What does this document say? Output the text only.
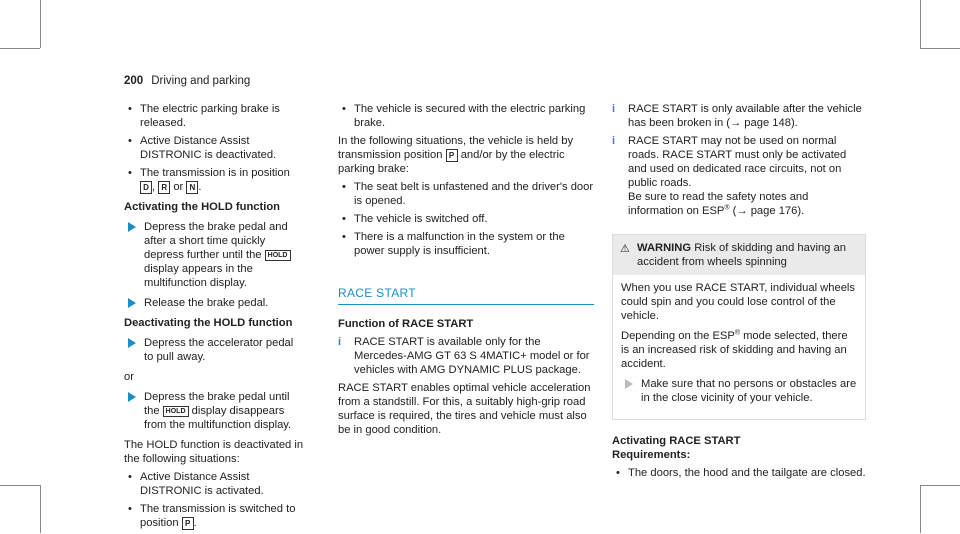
200 Driving and parking
• The electric parking brake is released.
• Active Distance Assist DISTRONIC is deactivated.
• The transmission is in position D , R or N .
Activating the HOLD function
Depress the brake pedal and after a short time quickly depress further until the HOLD display appears in the multifunction display.
Release the brake pedal.
Deactivating the HOLD function
Depress the accelerator pedal to pull away.
or
Depress the brake pedal until the HOLD display disappears from the multifunction display.
The HOLD function is deactivated in the following situations:
• Active Distance Assist DISTRONIC is activated.
• The transmission is switched to position P .
• The vehicle is secured with the electric parking brake.
In the following situations, the vehicle is held by transmission position P and/or by the electric parking brake:
• The seat belt is unfastened and the driver's door is opened.
• The vehicle is switched off.
• There is a malfunction in the system or the power supply is insufficient.
RACE START
Function of RACE START
i RACE START is available only for the Mercedes-AMG GT 63 S 4MATIC+ model or for vehicles with AMG DYNAMIC PLUS package.
RACE START enables optimal vehicle acceleration from a standstill. For this, a suitably high-grip road surface is required, the tires and vehicle must also be in good condition.
i RACE START is only available after the vehicle has been broken in (→ page 148).
i RACE START may not be used on normal roads. RACE START must only be activated and used on dedicated race circuits, not on public roads.
Be sure to read the safety notes and information on ESP® (→ page 176).
⚠ WARNING Risk of skidding and having an accident from wheels spinning

When you use RACE START, individual wheels could spin and you could lose control of the vehicle.

Depending on the ESP® mode selected, there is an increased risk of skidding and having an accident.

Make sure that no persons or obstacles are in the close vicinity of your vehicle.
Activating RACE START
Requirements:
• The doors, the hood and the tailgate are closed.
